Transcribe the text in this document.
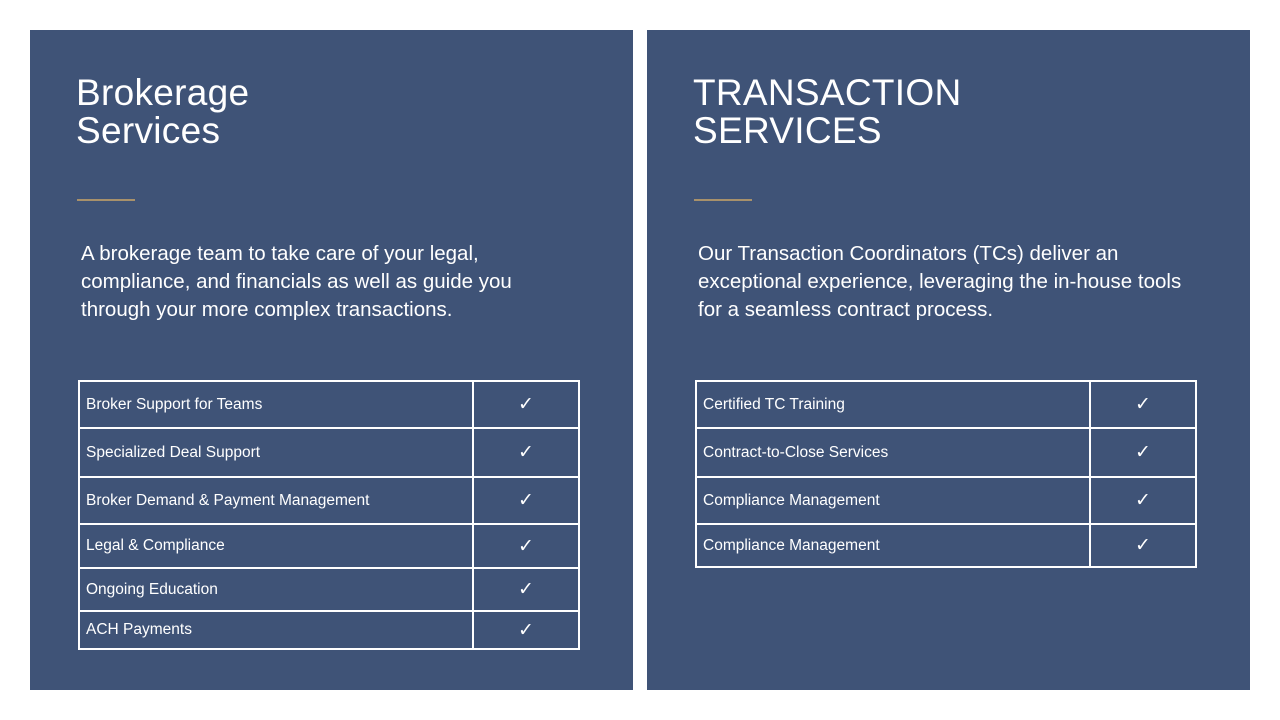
Brokerage
Services

A brokerage team to take care of your legal, compliance, and financials as well as guide you through your more complex transactions.

Broker Support for Teams	✓
Specialized Deal Support	✓
Broker Demand & Payment Management	✓
Legal & Compliance	✓
Ongoing Education	✓
ACH Payments	✓
TRANSACTION
SERVICES

Our Transaction Coordinators (TCs) deliver an exceptional experience, leveraging the in-house tools for a seamless contract process.

Certified TC Training	✓
Contract-to-Close Services	✓
Compliance Management	✓
Compliance Management	✓
